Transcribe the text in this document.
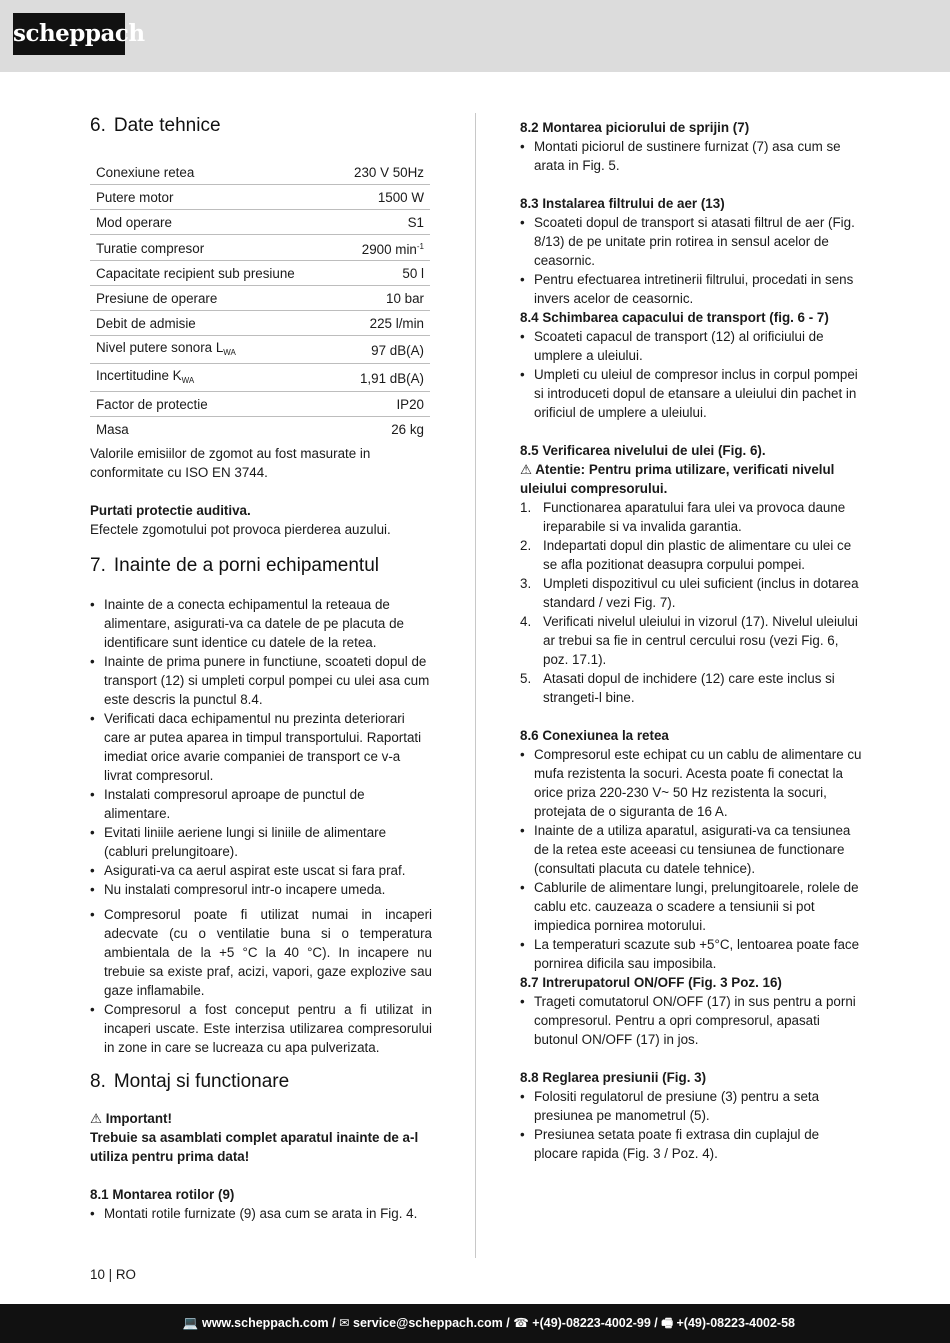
scheppach
6. Date tehnice
Conexiune retea	230 V 50Hz
Putere motor	1500 W
Mod operare	S1
Turatie compresor	2900 $\min^{-1}$
Capacitate recipient sub presiune	50 l
Presiune de operare	10 bar
Debit de admisie	225 l/min
Nivel putere sonora $L_{WA}$	97 dB(A)
Incertitudine $K_{WA}$	1,91 dB(A)
Factor de protectie	IP20
Masa	26 kg

Valorile emisiilor de zgomot au fost masurate in conformitate cu ISO EN 3744.

Purtati protectie auditiva.

Efectele zgomotului pot provoca pierderea auzului.

7. Inainte de a porni echipamentul
• Inainte de a conecta echipamentul la reteaua de alimentare, asigurati-va ca datele de pe placuta de identificare sunt identice cu datele de la retea.
• Inainte de prima punere in functiune, scoateti dopul de transport (12) si umpleti corpul pompei cu ulei asa cum este descris la punctul 8.4.
• Verificati daca echipamentul nu prezinta deteriorari care ar putea aparea in timpul transportului. Raportati imediat orice avarie companiei de transport ce v-a livrat compresorul.
• Instalati compresorul aproape de punctul de alimentare.
• Evitati liniile aeriene lungi si liniile de alimentare (cabluri prelungitoare).
• Asigurati-va ca aerul aspirat este uscat si fara praf.
• Nu instalati compresorul intr-o incapere umeda.
• Compresorul poate fi utilizat numai in incaperi adecvate (cu o ventilatie buna si o temperatura ambientala de la +5 °C la 40 °C). In incapere nu trebuie sa existe praf, acizi, vapori, gaze explozive sau gaze inflamabile.
• Compresorul a fost conceput pentru a fi utilizat in incaperi uscate. Este interzisa utilizarea compresorului in zone in care se lucreaza cu apa pulverizata.
8. Montaj si functionare

⚠ Important!

Trebuie sa asamblati complet aparatul inainte de a-l utiliza pentru prima data!

8.1 Montarea rotilor (9)

• Montati rotile furnizate (9) asa cum se arata in Fig. 4.

8.2 Montarea piciorului de sprijin (7)

• Montati piciorul de sustinere furnizat (7) asa cum se arata in Fig. 5.

8.3 Instalarea filtrului de aer (13)

• Scoateti dopul de transport si atasati filtrul de aer (Fig. 8/13) de pe unitate prin rotirea in sensul acelor de ceasornic.
• Pentru efectuarea intretinerii filtrului, procedati in sens invers acelor de ceasornic.

8.4 Schimbarea capacului de transport (fig. 6 - 7)

• Scoateti capacul de transport (12) al orificiului de umplere a uleiului.
• Umpleti cu uleiul de compresor inclus in corpul pompei si introduceti dopul de etansare a uleiului din pachet in orificiul de umplere a uleiului.

8.5 Verificarea nivelului de ulei (Fig. 6).

⚠ Atentie: Pentru prima utilizare, verificati nivelul uleiului compresorului.

1. Functionarea aparatului fara ulei va provoca daune ireparabile si va invalida garantia.
2. Indepartati dopul din plastic de alimentare cu ulei ce se afla pozitionat deasupra corpului pompei.
3. Umpleti dispozitivul cu ulei suficient (inclus in dotarea standard / vezi Fig. 7).
4. Verificati nivelul uleiului in vizorul (17). Nivelul uleiului ar trebui sa fie in centrul cercului rosu (vezi Fig. 6, poz. 17.1).
5. Atasati dopul de inchidere (12) care este inclus si strangeti-l bine.

8.6 Conexiunea la retea

• Compresorul este echipat cu un cablu de alimentare cu mufa rezistenta la socuri. Acesta poate fi conectat la orice priza 220-230 V~ 50 Hz rezistenta la socuri, protejata de o siguranta de 16 A.
• Inainte de a utiliza aparatul, asigurati-va ca tensiunea de la retea este aceeasi cu tensiunea de functionare (consultati placuta cu datele tehnice).
• Cablurile de alimentare lungi, prelungitoarele, rolele de cablu etc. cauzeaza o scadere a tensiunii si pot impiedica pornirea motorului.
• La temperaturi scazute sub +5°C, lentoarea poate face pornirea dificila sau imposibila.

8.7 Intrerupatorul ON/OFF (Fig. 3 Poz. 16)

• Trageti comutatorul ON/OFF (17) in sus pentru a porni compresorul. Pentru a opri compresorul, apasati butonul ON/OFF (17) in jos.

8.8 Reglarea presiunii (Fig. 3)

• Folositi regulatorul de presiune (3) pentru a seta presiunea pe manometrul (5).
• Presiunea setata poate fi extrasa din cuplajul de plocare rapida (Fig. 3 / Poz. 4).
10 | RO
💻 www.scheppach.com / ✉ service@scheppach.com / ☎ +(49)-08223-4002-99 / 🖷 +(49)-08223-4002-58
